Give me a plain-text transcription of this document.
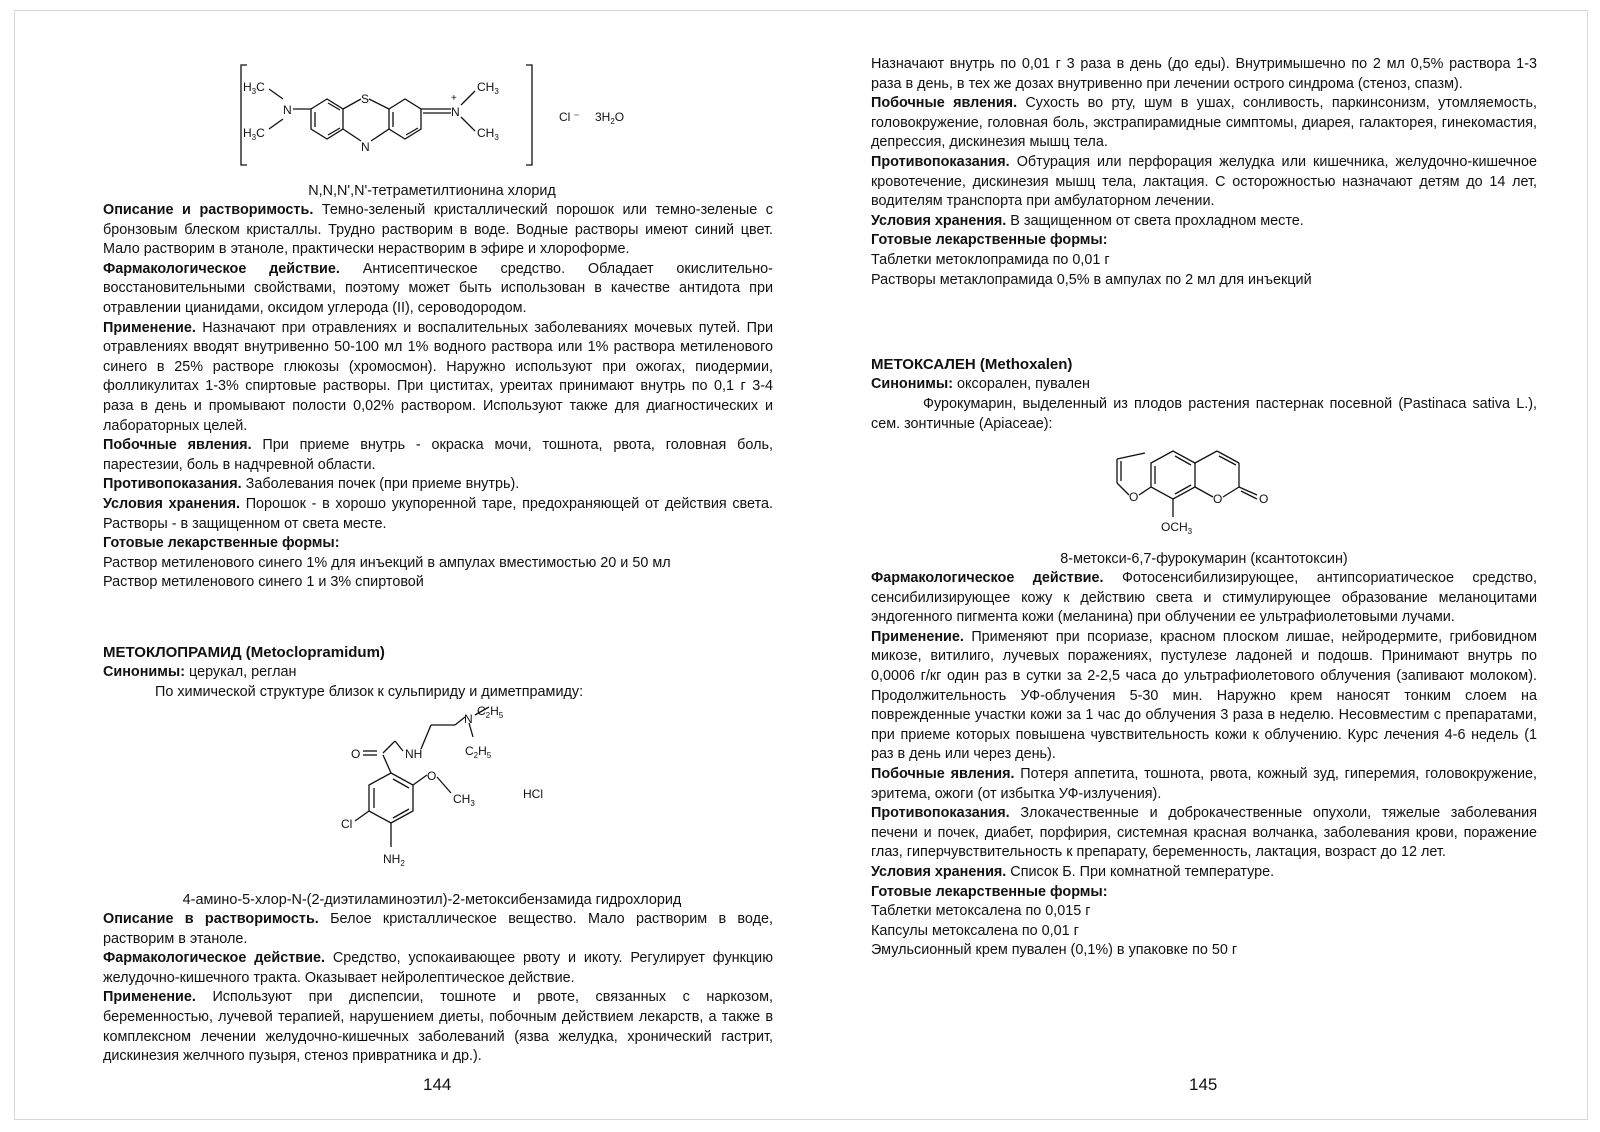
$H_3C$
$H_3C$
N
S
N
N
+
$CH_3$
$CH_3$
Cl ⁻ $3H_2O$

N,N,N',N'-тетраметилтионина хлорид

Описание и растворимость. Темно-зеленый кристаллический порошок или темно-зеленые с бронзовым блеском кристаллы. Трудно растворим в воде. Водные растворы имеют синий цвет. Мало растворим в этаноле, практически нерастворим в эфире и хлороформе.

Фармакологическое действие. Антисептическое средство. Обладает окислительно-восстановительными свойствами, поэтому может быть использован в качестве антидота при отравлении цианидами, оксидом углерода (II), сероводородом.

Применение. Назначают при отравлениях и воспалительных заболеваниях мочевых путей. При отравлениях вводят внутривенно 50-100 мл 1% водного раствора или 1% раствора метиленового синего в 25% растворе глюкозы (хромосмон). Наружно используют при ожогах, пиодермии, фолликулитах 1-3% спиртовые растворы. При циститах, уреитах принимают внутрь по 0,1 г 3-4 раза в день и промывают полости 0,02% раствором. Используют также для диагностических и лабораторных целей.

Побочные явления. При приеме внутрь - окраска мочи, тошнота, рвота, головная боль, парестезии, боль в надчревной области.

Противопоказания. Заболевания почек (при приеме внутрь).

Условия хранения. Порошок - в хорошо укупоренной таре, предохраняющей от действия света. Растворы - в защищенном от света месте.

Готовые лекарственные формы:

Раствор метиленового синего 1% для инъекций в ампулах вместимостью 20 и 50 мл

Раствор метиленового синего 1 и 3% спиртовой

МЕТОКЛОПРАМИД (Metoclopramidum)

Синонимы: церукал, реглан

По химической структуре близок к сульпириду и диметпрамиду:

$C_2H_5$
N
NH	$C_2H_5$
O
O
$CH_3$
HCl
Cl
$NH_2$

4-амино-5-хлор-N-(2-диэтиламиноэтил)-2-метоксибензамида гидрохлорид

Описание в растворимость. Белое кристаллическое вещество. Мало растворим в воде, растворим в этаноле.

Фармакологическое действие. Средство, успокаивающее рвоту и икоту. Регулирует функцию желудочно-кишечного тракта. Оказывает нейролептическое действие.

Применение. Используют при диспепсии, тошноте и рвоте, связанных с наркозом, беременностью, лучевой терапией, нарушением диеты, побочным действием лекарств, а также в комплексном лечении желудочно-кишечных заболеваний (язва желудка, хронический гастрит, дискинезия желчного пузыря, стеноз привратника и др.).

144

Назначают внутрь по 0,01 г 3 раза в день (до еды). Внутримышечно по 2 мл 0,5% раствора 1-3 раза в день, в тех же дозах внутривенно при лечении острого синдрома (стеноз, спазм).

Побочные явления. Сухость во рту, шум в ушах, сонливость, паркинсонизм, утомляемость, головокружение, головная боль, экстрапирамидные симптомы, диарея, галакторея, гинекомастия, депрессия, дискинезия мышц тела.

Противопоказания. Обтурация или перфорация желудка или кишечника, желудочно-кишечное кровотечение, дискинезия мышц тела, лактация. С осторожностью назначают детям до 14 лет, водителям транспорта при амбулаторном лечении.

Условия хранения. В защищенном от света прохладном месте.

Готовые лекарственные формы:

Таблетки метоклопрамида по 0,01 г

Растворы метаклопрамида 0,5% в ампулах по 2 мл для инъекций

МЕТОКСАЛЕН (Methoxalen)

Синонимы: оксорален, пувален

Фурокумарин, выделенный из плодов растения пастернак посевной (Pastinaca sativa L.), сем. зонтичные (Apiaceae):

O	O	O
$OCH_3$

8-метокси-6,7-фурокумарин (ксантотоксин)

Фармакологическое действие. Фотосенсибилизирующее, антипсориатическое средство, сенсибилизирующее кожу к действию света и стимулирующее образование меланоцитами эндогенного пигмента кожи (меланина) при облучении ее ультрафиолетовыми лучами.

Применение. Применяют при псориазе, красном плоском лишае, нейродермите, грибовидном микозе, витилиго, лучевых поражениях, пустулезе ладоней и подошв. Принимают внутрь по 0,0006 г/кг один раз в сутки за 2-2,5 часа до ультрафиолетового облучения (запивают молоком). Продолжительность УФ-облучения 5-30 мин. Наружно крем наносят тонким слоем на поврежденные участки кожи за 1 час до облучения 3 раза в неделю. Несовместим с препаратами, при приеме которых повышена чувствительность кожи к облучению. Курс лечения 4-6 недель (1 раз в день или через день).

Побочные явления. Потеря аппетита, тошнота, рвота, кожный зуд, гиперемия, головокружение, эритема, ожоги (от избытка УФ-излучения).

Противопоказания. Злокачественные и доброкачественные опухоли, тяжелые заболевания печени и почек, диабет, порфирия, системная красная волчанка, заболевания крови, поражение глаз, гиперчувствительность к препарату, беременность, лактация, возраст до 12 лет.

Условия хранения. Список Б. При комнатной температуре.

Готовые лекарственные формы:

Таблетки метоксалена по 0,015 г

Капсулы метоксалена по 0,01 г

Эмульсионный крем пувален (0,1%) в упаковке по 50 г

145
